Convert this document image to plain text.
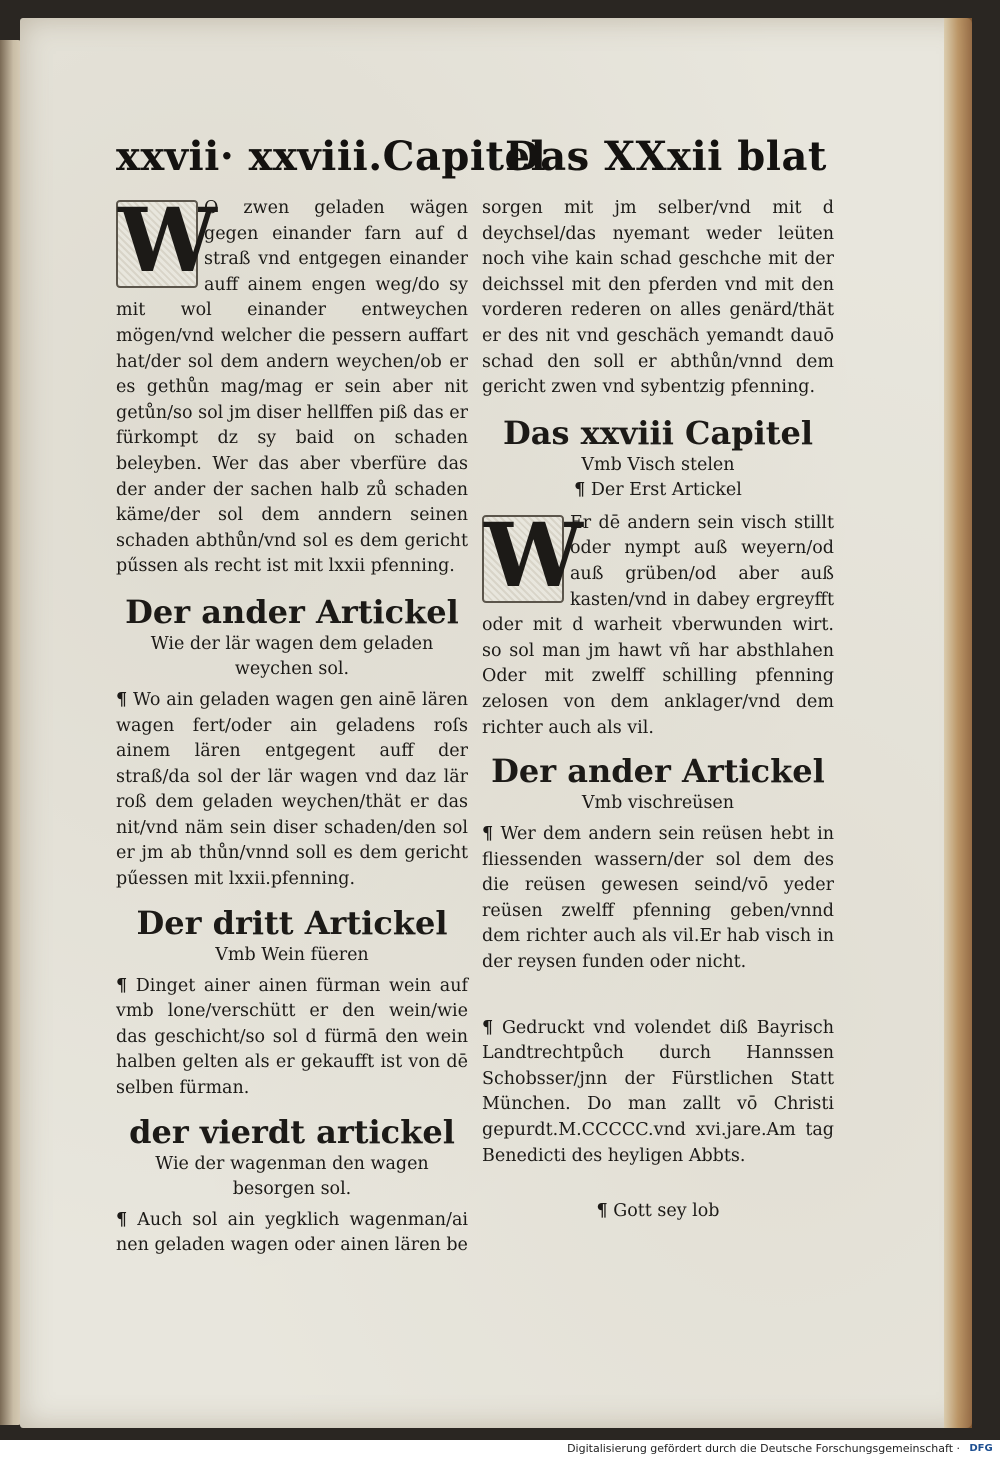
xxvii· xxviii.Capitel
Das XXxii blat
W

O zwen geladen wägen gegen einander farn auf d straß vnd entgegen einander auff ainem engen weg/do sy mit wol einander entweychen mögen/vnd welcher die pessern auffart hat/der sol dem andern weychen/ob er es gethůn mag/mag er sein aber nit getůn/so sol jm diser hellffen piß das er fürkompt dz sy baid on schaden beleyben. Wer das aber vberfüre das der ander der sachen halb zů schaden käme/der sol dem anndern seinen schaden abthůn/vnd sol es dem gericht pűssen als recht ist mit lxxii pfenning.

Der ander Artickel

Wie der lär wagen dem geladen weychen sol.

¶ Wo ain geladen wagen gen ainē lären wagen fert/oder ain geladens roſs ainem lären entgegent auff der straß/da sol der lär wagen vnd daz lär roß dem geladen weychen/thät er das nit/vnd näm sein diser schaden/den sol er jm ab thůn/vnnd soll es dem gericht pűessen mit lxxii.pfenning.

Der dritt Artickel

Vmb Wein füeren

¶ Dinget ainer ainen fürman wein auf vmb lone/verschütt er den wein/wie das geschicht/so sol d fürmā den wein halben gelten als er gekaufft ist von dē selben fürman.

der vierdt artickel

Wie der wagenman den wagen besorgen sol.

¶ Auch sol ain yegklich wagenman/ai nen geladen wagen oder ainen lären be

sorgen mit jm selber/vnd mit d deychsel/das nyemant weder leüten noch vihe kain schad geschche mit der deichssel mit den pferden vnd mit den vorderen rederen on alles genärd/thät er des nit vnd geschäch yemandt dauō schad den soll er abthůn/vnnd dem gericht zwen vnd sybentzig pfenning.

Das xxviii Capitel

Vmb Visch stelen

¶ Der Erst Artickel

W

Er dē andern sein visch stillt oder nympt auß weyern/od auß grüben/od aber auß kasten/vnd in dabey ergreyfft oder mit d warheit vberwunden wirt. so sol man jm hawt vñ har absthlahen Oder mit zwelff schilling pfenning zelosen von dem anklager/vnd dem richter auch als vil.

Der ander Artickel

Vmb vischreüsen

¶ Wer dem andern sein reüsen hebt in fliessenden wassern/der sol dem des die reüsen gewesen seind/vō yeder reüsen zwelff pfenning geben/vnnd dem richter auch als vil.Er hab visch in der reysen funden oder nicht.

¶ Gedruckt vnd volendet diß Bayrisch Landtrechtpůch durch Hannssen Schobsser/jnn der Fürstlichen Statt München. Do man zallt vō Christi gepurdt.M.CCCCC.vnd xvi.jare.Am tag Benedicti des heyligen Abbts.

¶ Gott sey lob

Digitalisierung gefördert durch die Deutsche Forschungsgemeinschaft · DFG
